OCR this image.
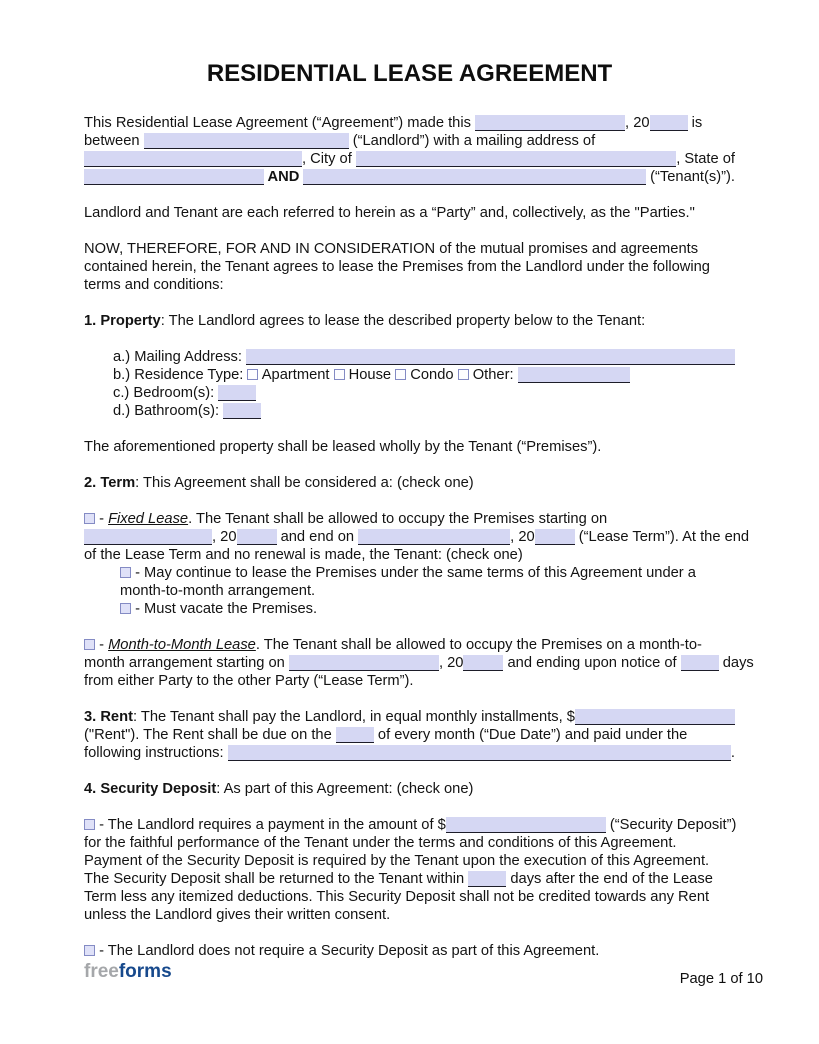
RESIDENTIAL LEASE AGREEMENT
This Residential Lease Agreement (“Agreement”) made this	, 20	is
between	(“Landlord”) with a mailing address of
, City of	, State of
AND	(“Tenant(s)”).
Landlord and Tenant are each referred to herein as a “Party” and, collectively, as the "Parties."
NOW, THEREFORE, FOR AND IN CONSIDERATION of the mutual promises and agreements
contained herein, the Tenant agrees to lease the Premises from the Landlord under the following
terms and conditions:
1. Property : The Landlord agrees to lease the described property below to the Tenant:
a.) Mailing Address:
b.) Residence Type: Apartment House Condo Other:
c.) Bedroom(s):
d.) Bathroom(s):
The aforementioned property shall be leased wholly by the Tenant (“Premises”).
2. Term : This Agreement shall be considered a: (check one)
- Fixed Lease . The Tenant shall be allowed to occupy the Premises starting on
, 20	and end on	, 20	(“Lease Term”). At the end
of the Lease Term and no renewal is made, the Tenant: (check one)
- May continue to lease the Premises under the same terms of this Agreement under a
month-to-month arrangement.
- Must vacate the Premises.
- Month-to-Month Lease . The Tenant shall be allowed to occupy the Premises on a month-to-
month arrangement starting on	, 20	and ending upon notice of	days
from either Party to the other Party (“Lease Term”).
3. Rent : The Tenant shall pay the Landlord, in equal monthly installments, $
("Rent"). The Rent shall be due on the	of every month (“Due Date”) and paid under the
following instructions:	.
4. Security Deposit : As part of this Agreement: (check one)
- The Landlord requires a payment in the amount of $	(“Security Deposit”)
for the faithful performance of the Tenant under the terms and conditions of this Agreement.
Payment of the Security Deposit is required by the Tenant upon the execution of this Agreement.
The Security Deposit shall be returned to the Tenant within	days after the end of the Lease
Term less any itemized deductions. This Security Deposit shall not be credited towards any Rent
unless the Landlord gives their written consent.
- The Landlord does not require a Security Deposit as part of this Agreement.
freeforms	Page 1 of 10
